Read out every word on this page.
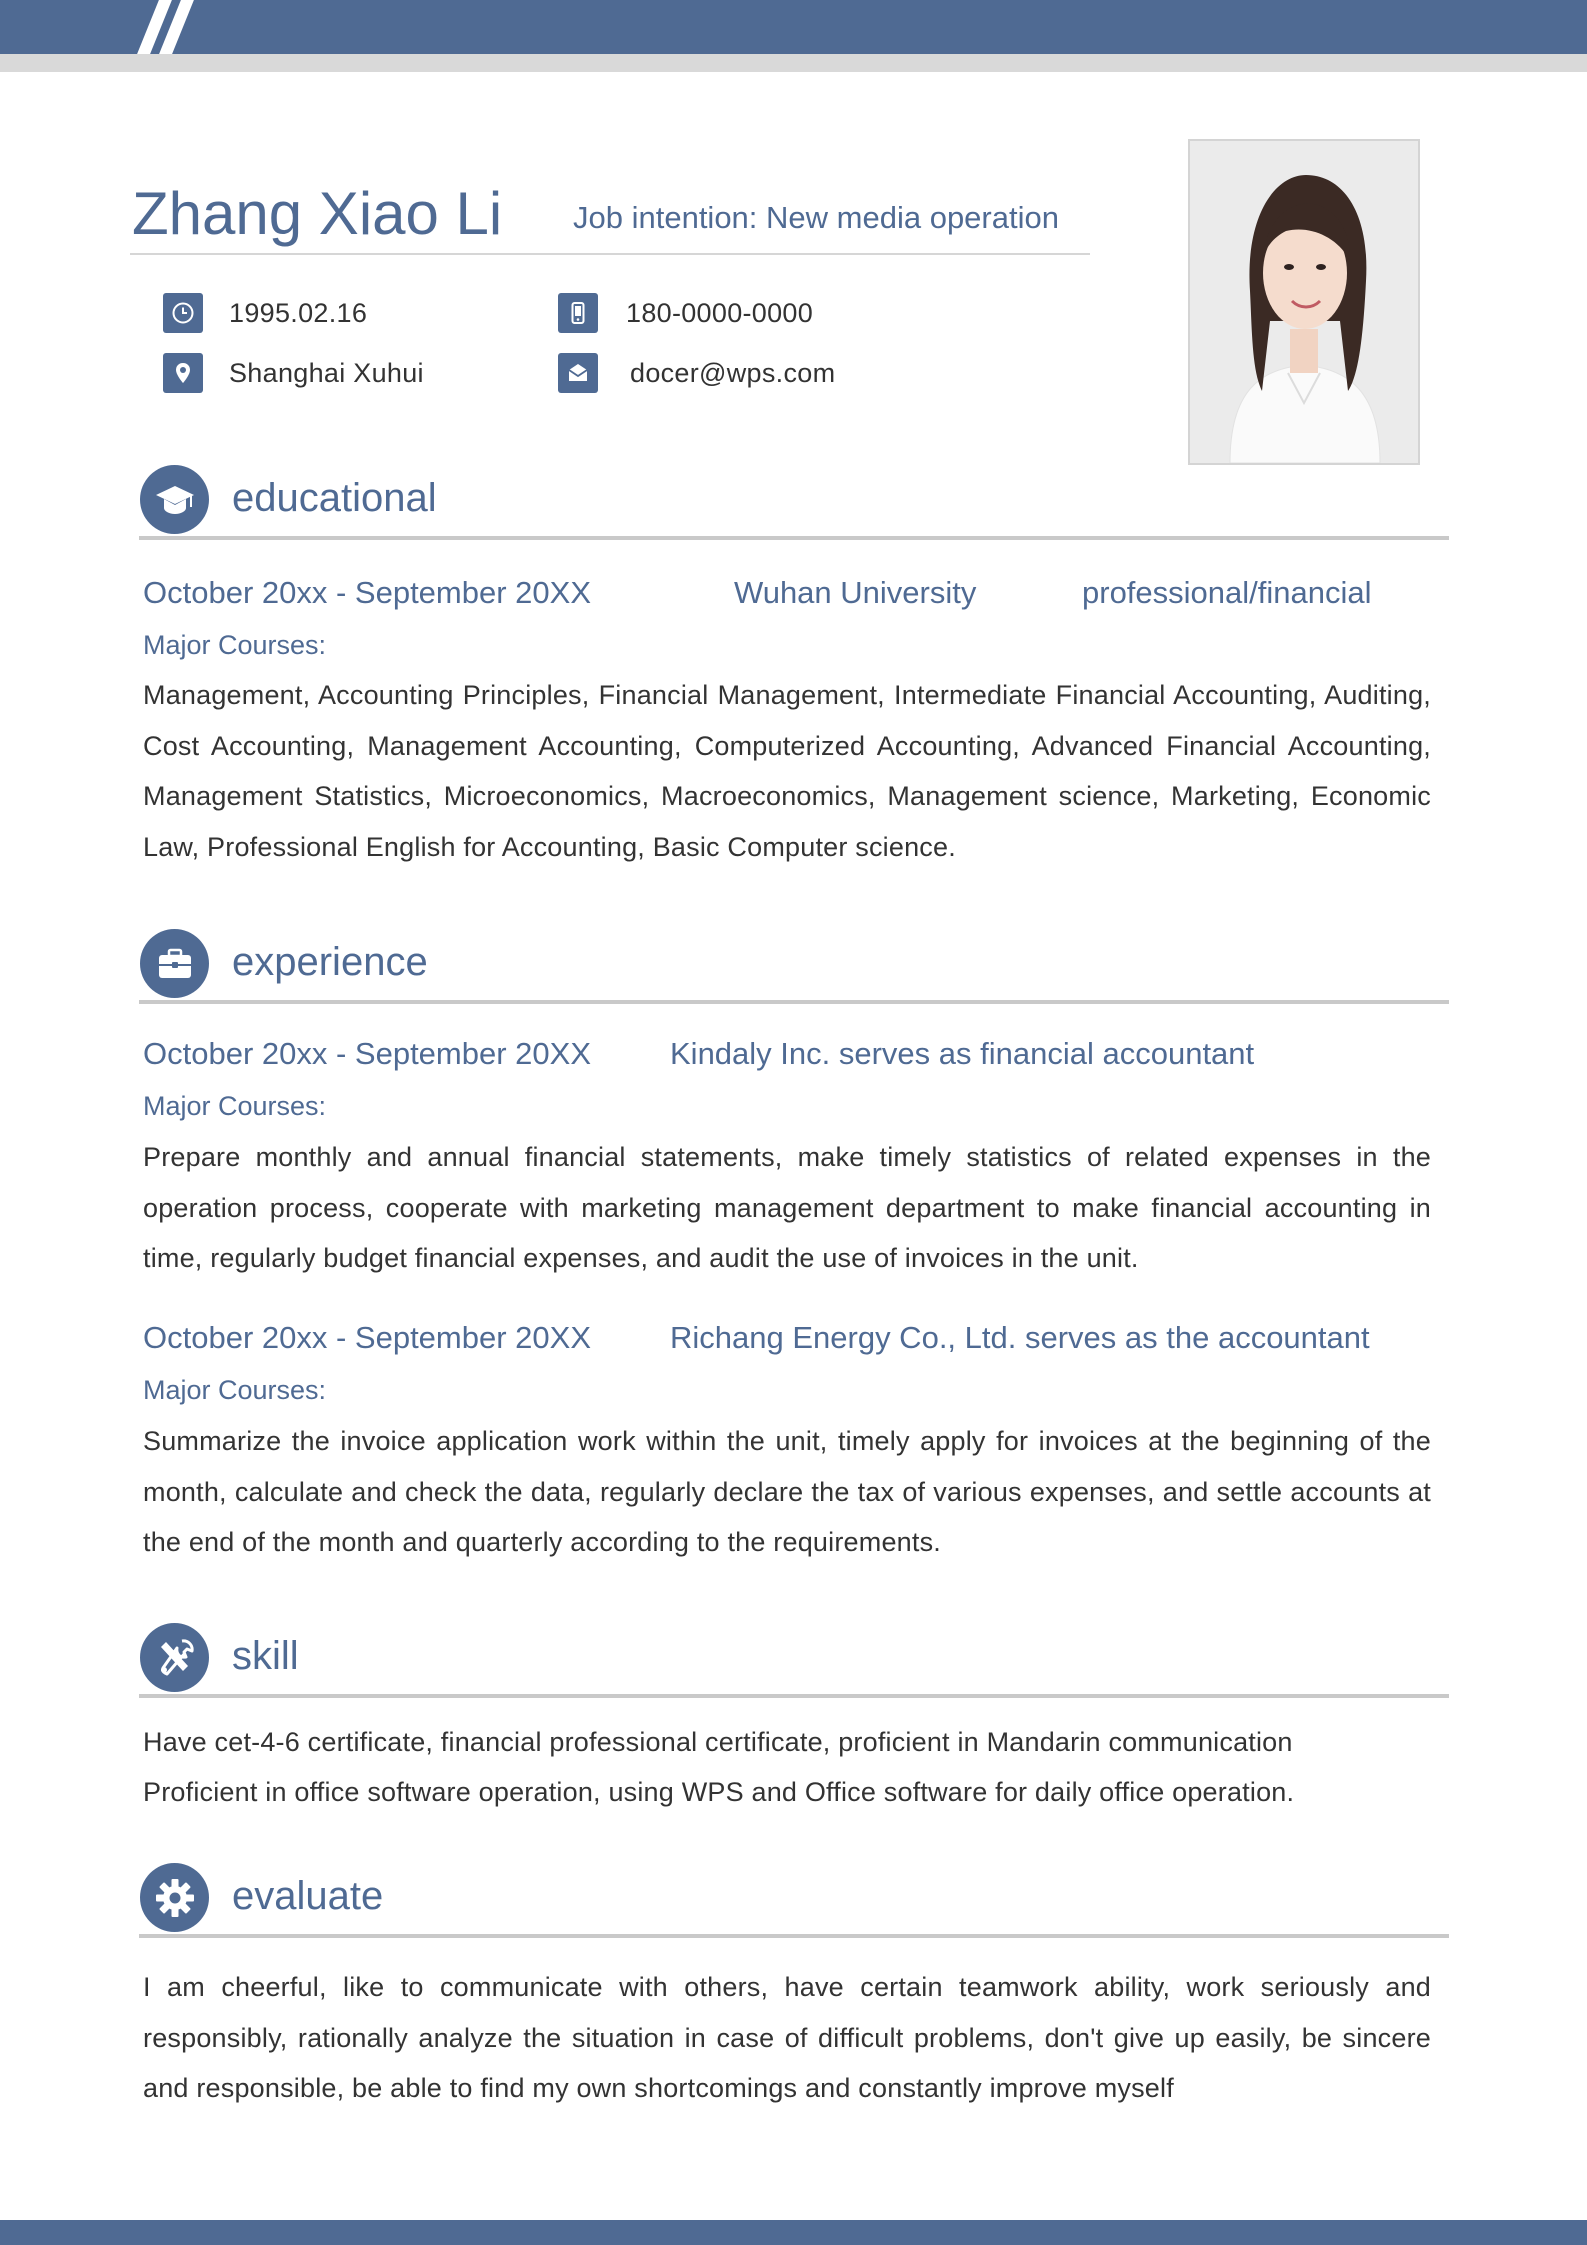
Zhang Xiao Li Job intention: New media operation
1995.02.16	180-0000-0000
Shanghai Xuhui	docer@wps.com
educational
October 20xx - September 20XX	Wuhan University	professional/financial
Major Courses:
Management, Accounting Principles, Financial Management, Intermediate Financial Accounting, Auditing, Cost Accounting, Management Accounting, Computerized Accounting, Advanced Financial Accounting, Management Statistics, Microeconomics, Macroeconomics, Management science, Marketing, Economic Law, Professional English for Accounting, Basic Computer science.
experience
October 20xx - September 20XX	Kindaly Inc. serves as financial accountant
Major Courses:
Prepare monthly and annual financial statements, make timely statistics of related expenses in the operation process, cooperate with marketing management department to make financial accounting in time, regularly budget financial expenses, and audit the use of invoices in the unit.
October 20xx - September 20XX	Richang Energy Co., Ltd. serves as the accountant
Major Courses:
Summarize the invoice application work within the unit, timely apply for invoices at the beginning of the month, calculate and check the data, regularly declare the tax of various expenses, and settle accounts at the end of the month and quarterly according to the requirements.
skill
Have cet-4-6 certificate, financial professional certificate, proficient in Mandarin communication
Proficient in office software operation, using WPS and Office software for daily office operation.
evaluate
I am cheerful, like to communicate with others, have certain teamwork ability, work seriously and responsibly, rationally analyze the situation in case of difficult problems, don't give up easily, be sincere and responsible, be able to find my own shortcomings and constantly improve myself
